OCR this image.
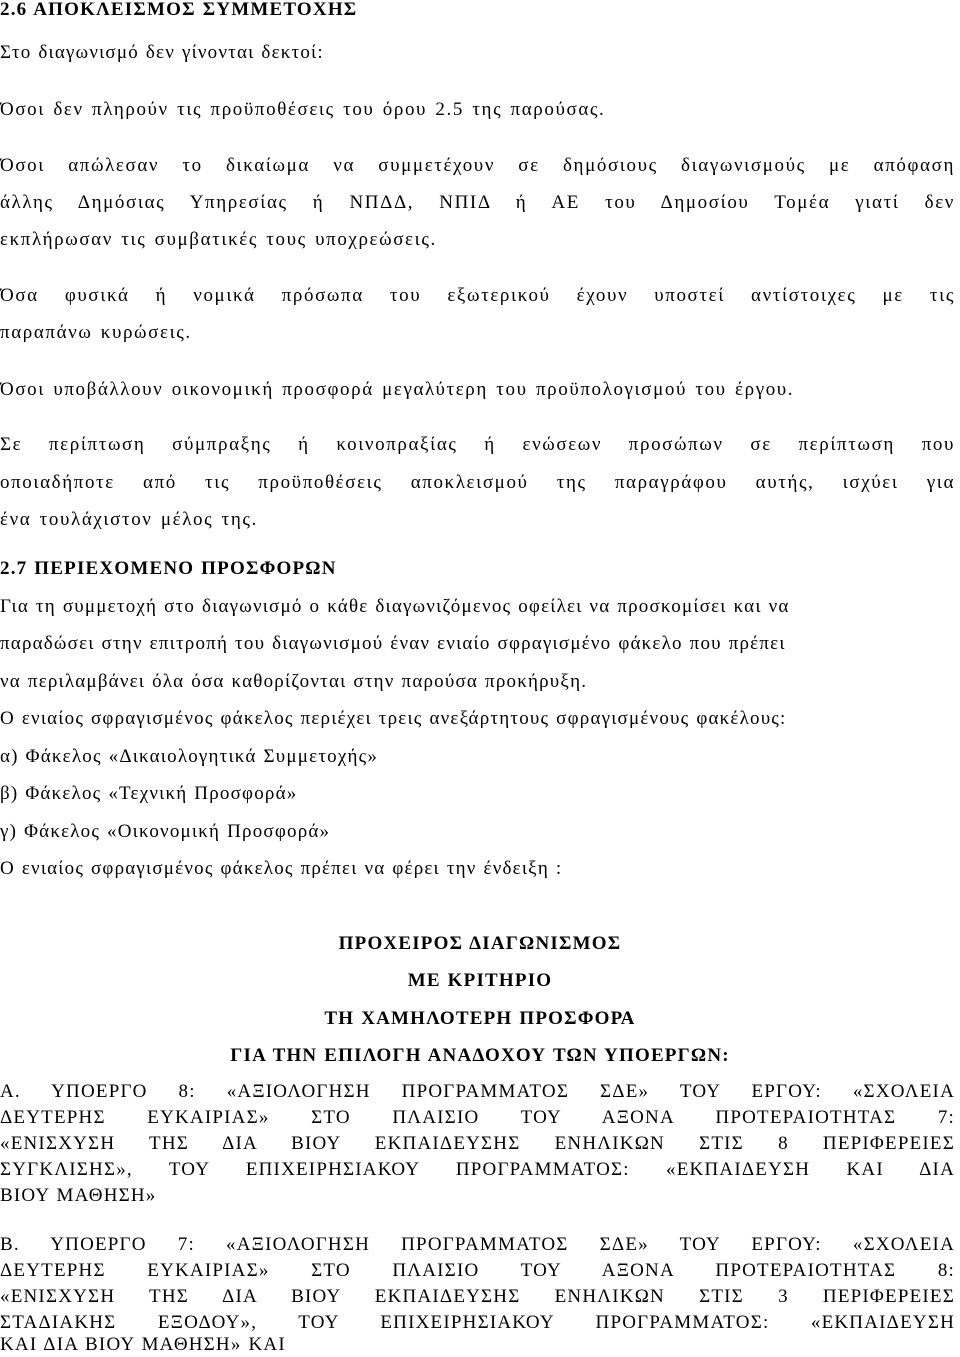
2.6 ΑΠΟΚΛΕΙΣΜΟΣ ΣΥΜΜΕΤΟΧΗΣ
Στο διαγωνισμό δεν γίνονται δεκτοί:
Όσοι δεν πληρούν τις προϋποθέσεις του όρου 2.5 της παρούσας.
Όσοι απώλεσαν το δικαίωμα να συμμετέχουν σε δημόσιους διαγωνισμούς με απόφαση
άλλης Δημόσιας Υπηρεσίας ή ΝΠΔΔ, ΝΠΙΔ ή ΑΕ του Δημοσίου Τομέα γιατί δεν
εκπλήρωσαν τις συμβατικές τους υποχρεώσεις.
Όσα φυσικά ή νομικά πρόσωπα του εξωτερικού έχουν υποστεί αντίστοιχες με τις
παραπάνω κυρώσεις.
Όσοι υποβάλλουν οικονομική προσφορά μεγαλύτερη του προϋπολογισμού του έργου.
Σε περίπτωση σύμπραξης ή κοινοπραξίας ή ενώσεων προσώπων σε περίπτωση που
οποιαδήποτε από τις προϋποθέσεις αποκλεισμού της παραγράφου αυτής, ισχύει για
ένα τουλάχιστον μέλος της.
2.7 ΠΕΡΙΕΧΟΜΕΝΟ ΠΡΟΣΦΟΡΩΝ
Για τη συμμετοχή στο διαγωνισμό ο κάθε διαγωνιζόμενος οφείλει να προσκομίσει και να
παραδώσει στην επιτροπή του διαγωνισμού έναν ενιαίο σφραγισμένο φάκελο που πρέπει
να περιλαμβάνει όλα όσα καθορίζονται στην παρούσα προκήρυξη.
Ο ενιαίος σφραγισμένος φάκελος περιέχει τρεις ανεξάρτητους σφραγισμένους φακέλους:
α) Φάκελος «Δικαιολογητικά Συμμετοχής»
β) Φάκελος «Τεχνική Προσφορά»
γ) Φάκελος «Οικονομική Προσφορά»
Ο ενιαίος σφραγισμένος φάκελος πρέπει να φέρει την ένδειξη :
ΠΡΟΧΕΙΡΟΣ ΔΙΑΓΩΝΙΣΜΟΣ
ΜΕ ΚΡΙΤΗΡΙΟ
ΤΗ ΧΑΜΗΛΟΤΕΡΗ ΠΡΟΣΦΟΡΑ
ΓΙΑ ΤΗΝ ΕΠΙΛΟΓΗ ΑΝΑΔΟΧΟΥ ΤΩΝ ΥΠΟΕΡΓΩΝ:
Α. ΥΠΟΕΡΓΟ 8: «ΑΞΙΟΛΟΓΗΣΗ ΠΡΟΓΡΑΜΜΑΤΟΣ ΣΔΕ» ΤΟΥ ΕΡΓΟΥ: «ΣΧΟΛΕΙΑ
ΔΕΥΤΕΡΗΣ ΕΥΚΑΙΡΙΑΣ» ΣΤΟ ΠΛΑΙΣΙΟ ΤΟΥ ΑΞΟΝΑ ΠΡΟΤΕΡΑΙΟΤΗΤΑΣ 7:
«ΕΝΙΣΧΥΣΗ ΤΗΣ ΔΙΑ ΒΙΟΥ ΕΚΠΑΙΔΕΥΣΗΣ ΕΝΗΛΙΚΩΝ ΣΤΙΣ 8 ΠΕΡΙΦΕΡΕΙΕΣ
ΣΥΓΚΛΙΣΗΣ», ΤΟΥ ΕΠΙΧΕΙΡΗΣΙΑΚΟΥ ΠΡΟΓΡΑΜΜΑΤΟΣ: «ΕΚΠΑΙΔΕΥΣΗ ΚΑΙ ΔΙΑ
ΒΙΟΥ ΜΑΘΗΣΗ»
Β. ΥΠΟΕΡΓΟ 7: «ΑΞΙΟΛΟΓΗΣΗ ΠΡΟΓΡΑΜΜΑΤΟΣ ΣΔΕ» ΤΟΥ ΕΡΓΟΥ: «ΣΧΟΛΕΙΑ
ΔΕΥΤΕΡΗΣ ΕΥΚΑΙΡΙΑΣ» ΣΤΟ ΠΛΑΙΣΙΟ ΤΟΥ ΑΞΟΝΑ ΠΡΟΤΕΡΑΙΟΤΗΤΑΣ 8:
«ΕΝΙΣΧΥΣΗ ΤΗΣ ΔΙΑ ΒΙΟΥ ΕΚΠΑΙΔΕΥΣΗΣ ΕΝΗΛΙΚΩΝ ΣΤΙΣ 3 ΠΕΡΙΦΕΡΕΙΕΣ
ΣΤΑΔΙΑΚΗΣ ΕΞΟΔΟΥ», ΤΟΥ ΕΠΙΧΕΙΡΗΣΙΑΚΟΥ ΠΡΟΓΡΑΜΜΑΤΟΣ: «ΕΚΠΑΙΔΕΥΣΗ
ΚΑΙ ΔΙΑ ΒΙΟΥ ΜΑΘΗΣΗ» ΚΑΙ
